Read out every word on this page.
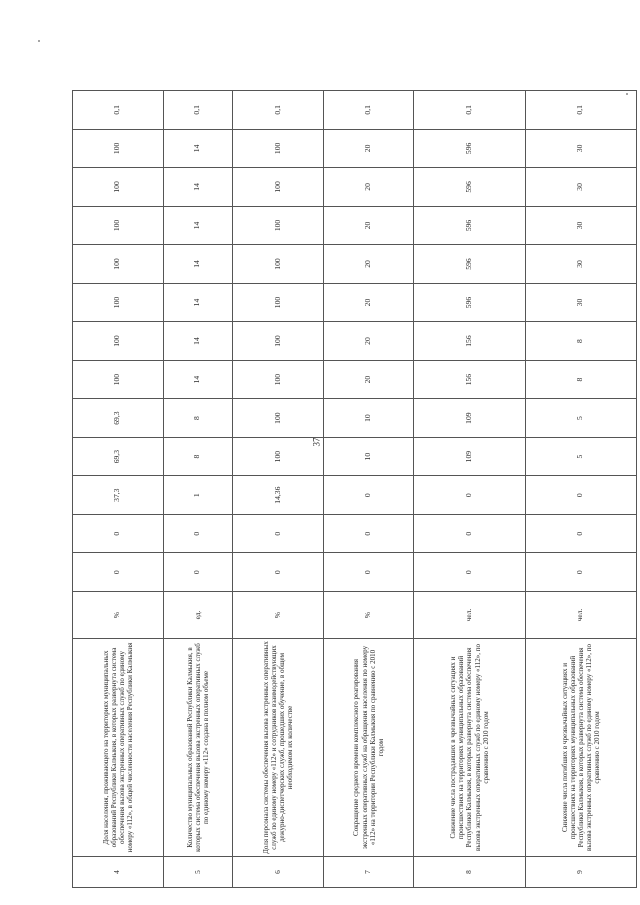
37
4	Доля населения, проживающего на территориях муниципальных образований Республики Калмыкия, в которых развернута система обеспечения вызова экстренных оперативных служб по единому номеру «112», в общей численности населения Республики Калмыкия	%	0	0	37,3	69,3	69,3	100	100	100	100	100	100	100	0,1
5	Количество муниципальных образований Республики Калмыкия, в которых система обеспечения вызова экстренных оперативных служб по единому номеру «112» создана в полном объеме	ед.	0	0	1	8	8	14	14	14	14	14	14	14	0,1
6	Доля персонала системы обеспечения вызова экстренных оперативных служб по единому номеру «112» и сотрудников взаимодействующих дежурно-диспетчерских служб, прошедших обучение, в общем необходимом их количестве	%	0	0	14,36	100	100	100	100	100	100	100	100	100	0,1
7	Сокращение среднего времени комплексного реагирования экстренных оперативных служб на обращения населения по номеру «112» на территории Республики Калмыкия по сравнению с 2010 годом	%	0	0	0	10	10	20	20	20	20	20	20	20	0,1
8	Снижение числа пострадавших в чрезвычайных ситуациях и происшествиях на территориях муниципальных образований Республики Калмыкия, в которых развернута система обеспечения вызова экстренных оперативных служб по единому номеру «112», по сравнению с 2010 годом	чел.	0	0	0	109	109	156	156	596	596	596	596	596	0,1
9	Снижение числа погибших в чрезвычайных ситуациях и происшествиях на территориях муниципальных образований Республики Калмыкия, в которых развернута система обеспечения вызова экстренных оперативных служб по единому номеру «112», по сравнению с 2010 годом	чел.	0	0	0	5	5	8	8	30	30	30	30	30	0,1
